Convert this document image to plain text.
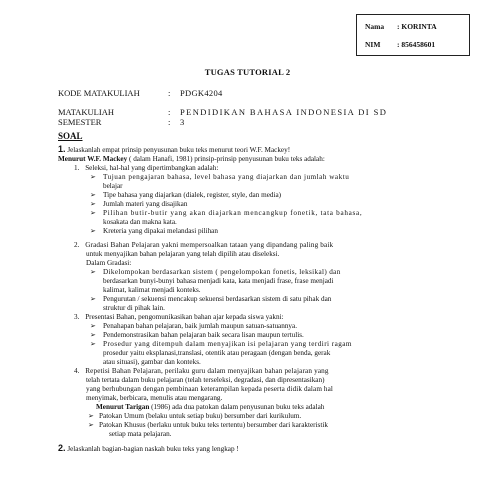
Nama	: KORINTA
NIM	: 856458601
TUGAS TUTORIAL 2
KODE MATAKULIAH	: PDGK4204
MATAKULIAH	: PENDIDIKAN BAHASA INDONESIA DI SD
SEMESTER	: 3
SOAL
1. Jelaskanlah empat prinsip penyusunan buku teks menurut teori W.F. Mackey!
Menurut W.F. Mackey ( dalam Hanafi, 1981) prinsip-prinsip penyusunan buku teks adalah:
1. Seleksi, hal-hal yang dipertimbangkan adalah:
➢ Tujuan pengajaran bahasa, level bahasa yang diajarkan dan jumlah waktu
belajar
➢ Tipe bahasa yang diajarkan (dialek, register, style, dan media)
➢ Jumlah materi yang disajikan
➢ Pilihan butir-butir yang akan diajarkan mencangkup fonetik, tata bahasa,
kosakata dan makna kata.
➢ Kreteria yang dipakai melandasi pilihan
2. Gradasi Bahan Pelajaran yakni mempersoalkan tataan yang dipandang paling baik
untuk menyajikan bahan pelajaran yang telah dipilih atau diseleksi.
Dalam Gradasi:
➢ Dikelompokan berdasarkan sistem ( pengelompokan fonetis, leksikal) dan
berdasarkan bunyi-bunyi bahasa menjadi kata, kata menjadi frase, frase menjadi
kalimat, kalimat menjadi konteks.
➢ Pengurutan / sekuensi mencakup sekuensi berdasarkan sistem di satu pihak dan
struktur di pihak lain.
3. Presentasi Bahan, pengomunikasikan bahan ajar kepada siswa yakni:
➢ Penahapan bahan pelajaran, baik jumlah maupun satuan-satuannya.
➢ Pendemonstrasikan bahan pelajaran baik secara lisan maupun tertulis.
➢ Prosedur yang ditempuh dalam menyajikan isi pelajaran yang terdiri ragam
prosedur yaitu eksplanasi,translasi, otentik atau peragaan (dengan benda, gerak
atau situasi), gambar dan konteks.
4. Repetisi Bahan Pelajaran, perilaku guru dalam menyajikan bahan pelajaran yang
telah tertata dalam buku pelajaran (telah terseleksi, degradasi, dan dipresentasikan)
yang berhubungan dengan pembinaan keterampilan kepada peserta didik dalam hal
menyimak, berbicara, menulis atau mengarang.
Menurut Tarigan (1986) ada dua patokan dalam penyusunan buku teks adalah
➢ Patokan Umum (belaku untuk setiap buku) bersumber dari kurikulum.
➢ Patokan Khusus (berlaku untuk buku teks tertentu) bersumber dari karakteristik
setiap mata pelajaran.
2. Jelaskanlah bagian-bagian naskah buku teks yang lengkap !
